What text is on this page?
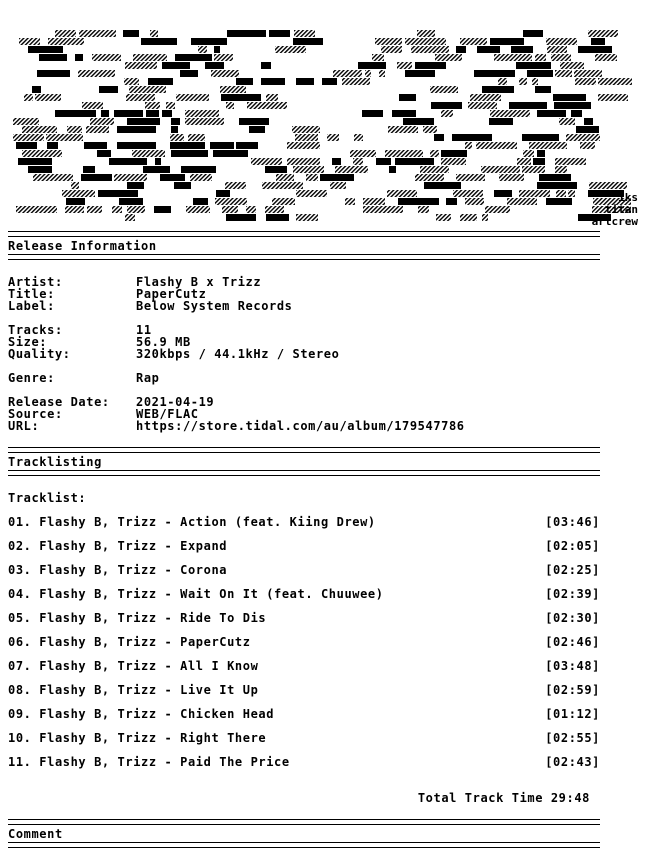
iks
titan
artcrew
Release Information
Artist:	Flashy B x Trizz
Title:	PaperCutz
Label:	Below System Records
Tracks:	11
Size:	56.9 MB
Quality:	320kbps / 44.1kHz / Stereo
Genre:	Rap
Release Date:	2021-04-19
Source:	WEB/FLAC
URL:	https://store.tidal.com/au/album/179547786
Tracklisting
Tracklist:
01. Flashy B, Trizz - Action (feat. Kiing Drew)	[03:46]
02. Flashy B, Trizz - Expand	[02:05]
03. Flashy B, Trizz - Corona	[02:25]
04. Flashy B, Trizz - Wait On It (feat. Chuuwee)	[02:39]
05. Flashy B, Trizz - Ride To Dis	[02:30]
06. Flashy B, Trizz - PaperCutz	[02:46]
07. Flashy B, Trizz - All I Know	[03:48]
08. Flashy B, Trizz - Live It Up	[02:59]
09. Flashy B, Trizz - Chicken Head	[01:12]
10. Flashy B, Trizz - Right There	[02:55]
11. Flashy B, Trizz - Paid The Price	[02:43]
Total Track Time 29:48
Comment
